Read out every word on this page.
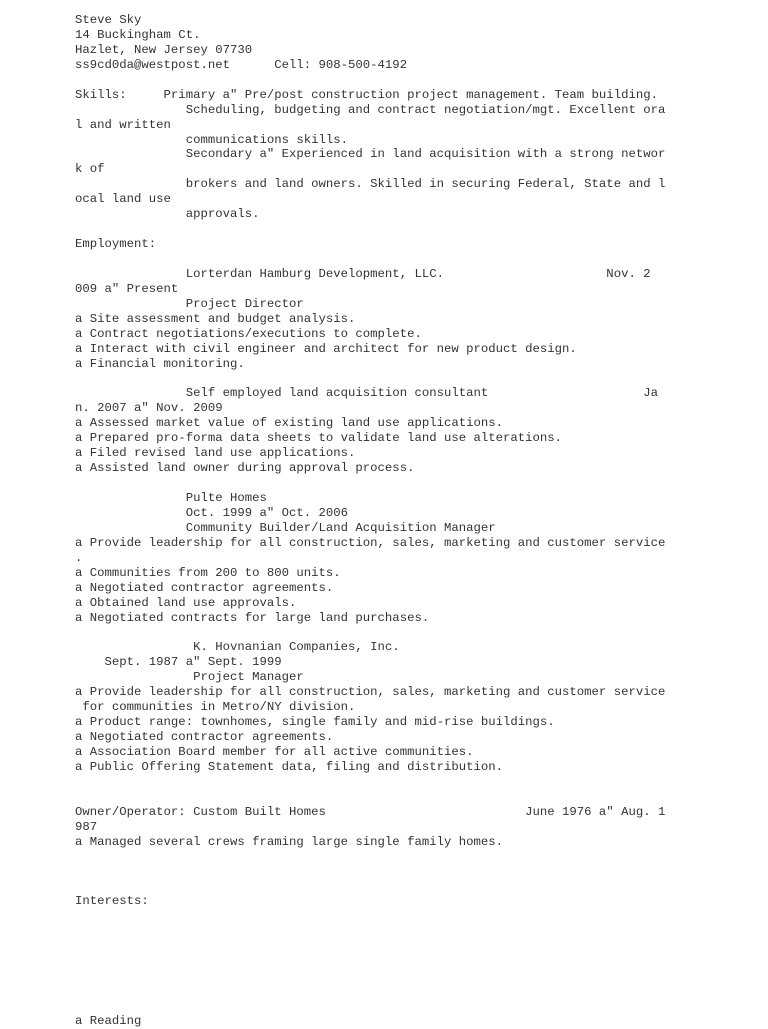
Steve Sky
14 Buckingham Ct.
Hazlet, New Jersey 07730
ss9cd0da@westpost.net      Cell: 908-500-4192
Skills:     Primary a" Pre/post construction project management. Team building.
Scheduling, budgeting and contract negotiation/mgt. Excellent ora
l and written
communications skills.
Secondary a" Experienced in land acquisition with a strong networ
k of
brokers and land owners. Skilled in securing Federal, State and l
ocal land use
approvals.
Employment:
Lorterdan Hamburg Development, LLC.                      Nov. 2
009 a" Present
Project Director
a Site assessment and budget analysis.
a Contract negotiations/executions to complete.
a Interact with civil engineer and architect for new product design.
a Financial monitoring.
Self employed land acquisition consultant                     Ja
n. 2007 a" Nov. 2009
a Assessed market value of existing land use applications.
a Prepared pro-forma data sheets to validate land use alterations.
a Filed revised land use applications.
a Assisted land owner during approval process.
Pulte Homes
Oct. 1999 a" Oct. 2006
Community Builder/Land Acquisition Manager
a Provide leadership for all construction, sales, marketing and customer service
.
a Communities from 200 to 800 units.
a Negotiated contractor agreements.
a Obtained land use approvals.
a Negotiated contracts for large land purchases.
K. Hovnanian Companies, Inc.
Sept. 1987 a" Sept. 1999
Project Manager
a Provide leadership for all construction, sales, marketing and customer service
for communities in Metro/NY division.
a Product range: townhomes, single family and mid-rise buildings.
a Negotiated contractor agreements.
a Association Board member for all active communities.
a Public Offering Statement data, filing and distribution.
Owner/Operator: Custom Built Homes                           June 1976 a" Aug. 1
987
a Managed several crews framing large single family homes.
Interests:
a Reading
